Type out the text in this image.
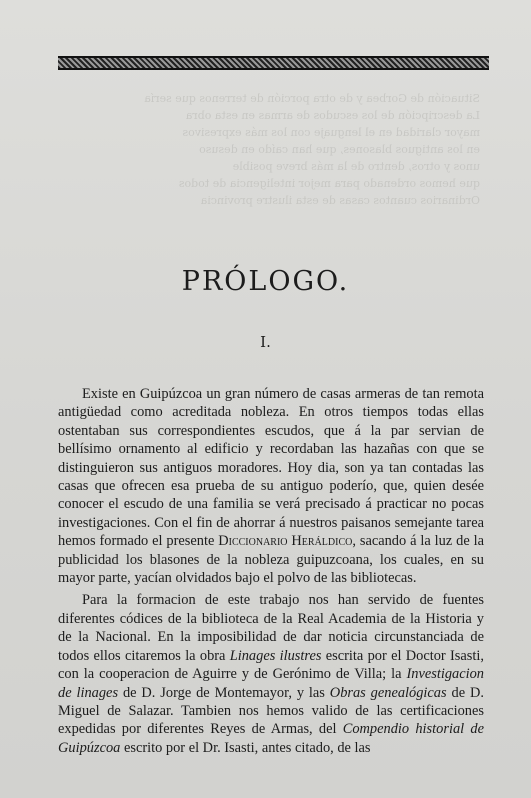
Situación de Gorbea y de otra porción de terrenos que sería
La descripción de los escudos de armas en esta obra
mayor claridad en el lenguaje con los más expresivos
en los antiguos blasones, que han caído en desuso
unos y otros, dentro de la más breve posible
que hemos ordenado para mejor inteligencia de todos
Ordinarios cuantos casas de esta ilustre provincia
PRÓLOGO.
I.

Existe en Guipúzcoa un gran número de casas armeras de tan remota antigüedad como acreditada nobleza. En otros tiempos todas ellas ostentaban sus correspondientes escudos, que á la par servian de bellísimo ornamento al edificio y recordaban las hazañas con que se distinguieron sus antiguos moradores. Hoy dia, son ya tan contadas las casas que ofrecen esa prueba de su antiguo poderío, que, quien desée conocer el escudo de una familia se verá precisado á practicar no pocas investigaciones. Con el fin de ahorrar á nuestros paisanos semejante tarea hemos formado el presente Diccionario Heráldico, sacando á la luz de la publicidad los blasones de la nobleza guipuzcoana, los cuales, en su mayor parte, yacían olvidados bajo el polvo de las bibliotecas.

Para la formacion de este trabajo nos han servido de fuentes diferentes códices de la biblioteca de la Real Academia de la Historia y de la Nacional. En la imposibilidad de dar noticia circunstanciada de todos ellos citaremos la obra Linages ilustres escrita por el Doctor Isasti, con la cooperacion de Aguirre y de Gerónimo de Villa; la Investigacion de linages de D. Jorge de Montemayor, y las Obras genealógicas de D. Miguel de Salazar. Tambien nos hemos valido de las certificaciones expedidas por diferentes Reyes de Armas, del Compendio historial de Guipúzcoa escrito por el Dr. Isasti, antes citado, de las
